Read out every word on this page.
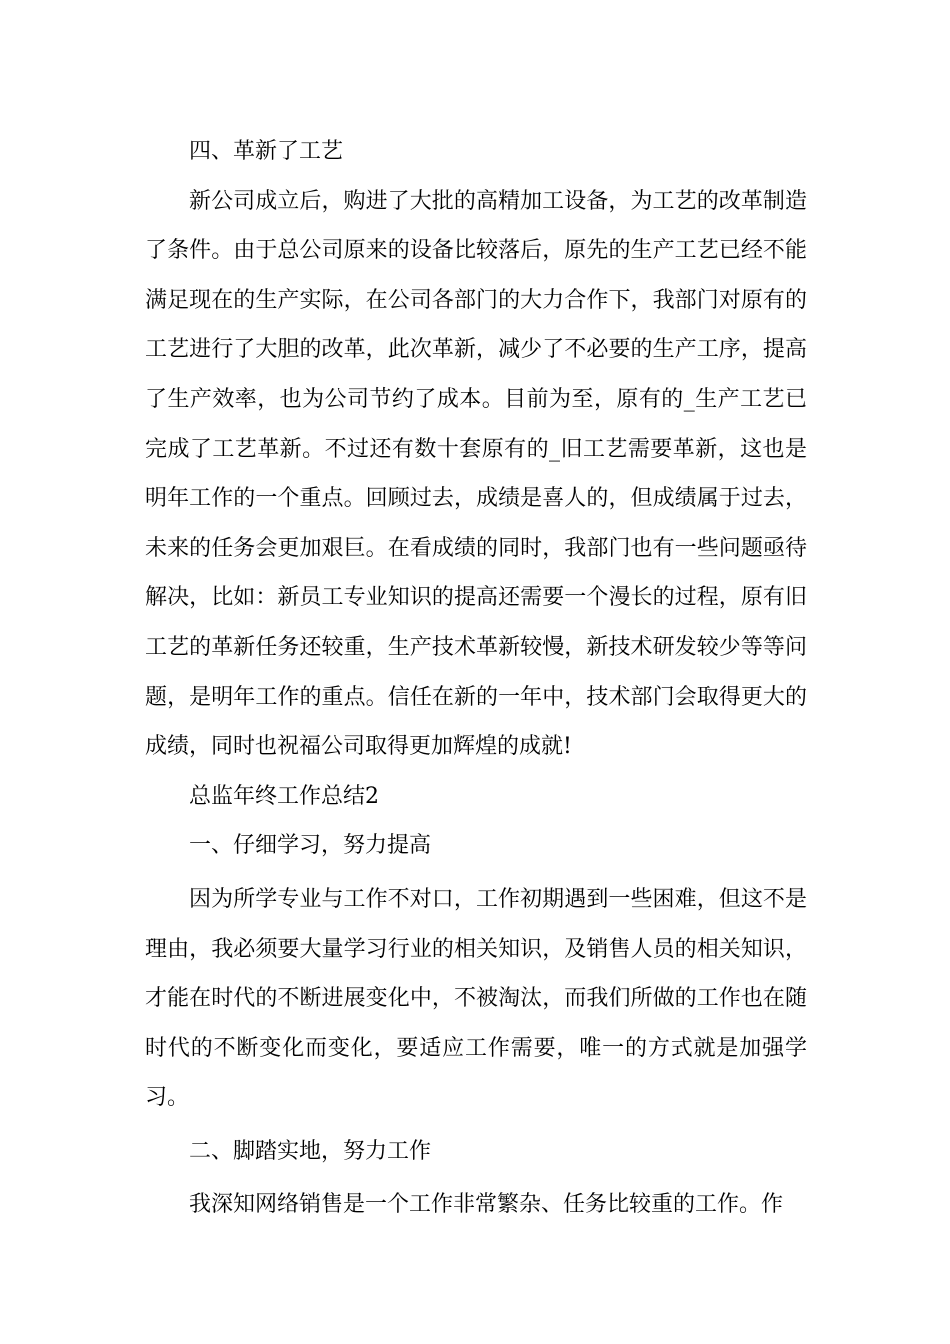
四、革新了工艺

新公司成立后，购进了大批的高精加工设备，为工艺的改革制造了条件。由于总公司原来的设备比较落后，原先的生产工艺已经不能满足现在的生产实际，在公司各部门的大力合作下，我部门对原有的工艺进行了大胆的改革，此次革新，减少了不必要的生产工序，提高了生产效率，也为公司节约了成本。目前为至，原有的_生产工艺已完成了工艺革新。不过还有数十套原有的_旧工艺需要革新，这也是明年工作的一个重点。回顾过去，成绩是喜人的，但成绩属于过去，未来的任务会更加艰巨。在看成绩的同时，我部门也有一些问题亟待解决，比如：新员工专业知识的提高还需要一个漫长的过程，原有旧工艺的革新任务还较重，生产技术革新较慢，新技术研发较少等等问题，是明年工作的重点。信任在新的一年中，技术部门会取得更大的成绩，同时也祝福公司取得更加辉煌的成就!

总监年终工作总结2

一、仔细学习，努力提高

因为所学专业与工作不对口，工作初期遇到一些困难，但这不是理由，我必须要大量学习行业的相关知识，及销售人员的相关知识，才能在时代的不断进展变化中，不被淘汰，而我们所做的工作也在随时代的不断变化而变化，要适应工作需要，唯一的方式就是加强学习。

二、脚踏实地，努力工作

我深知网络销售是一个工作非常繁杂、任务比较重的工作。作
